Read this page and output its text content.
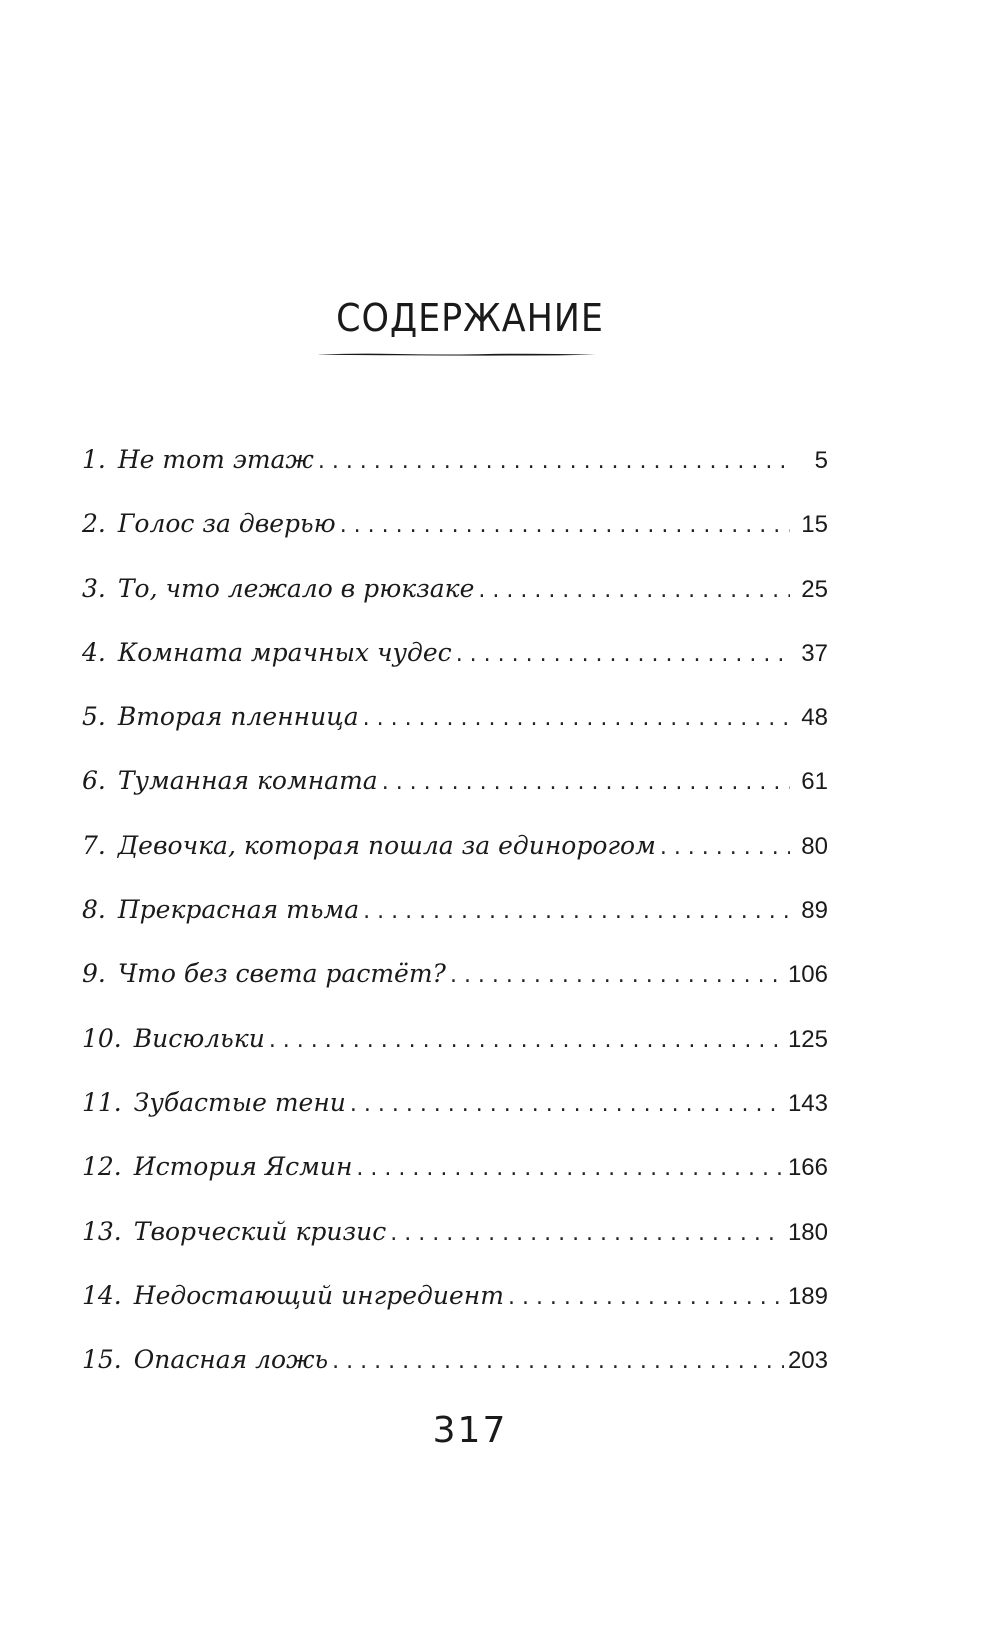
СОДЕРЖАНИЕ
1. Не тот этаж . . .	5
2. Голос за дверью . . .	15
3. То, что лежало в рюкзаке . . .	25
4. Комната мрачных чудес . . .	37
5. Вторая пленница . . .	48
6. Туманная комната . . .	61
7. Девочка, которая пошла за единорогом . . .	80
8. Прекрасная тьма . . .	89
9. Что без света растёт? . . .	106
10. Висюльки . . .	125
11. Зубастые тени . . .	143
12. История Ясмин . . .	166
13. Творческий кризис . . .	180
14. Недостающий ингредиент . . .	189
15. Опасная ложь . . .	203
317
